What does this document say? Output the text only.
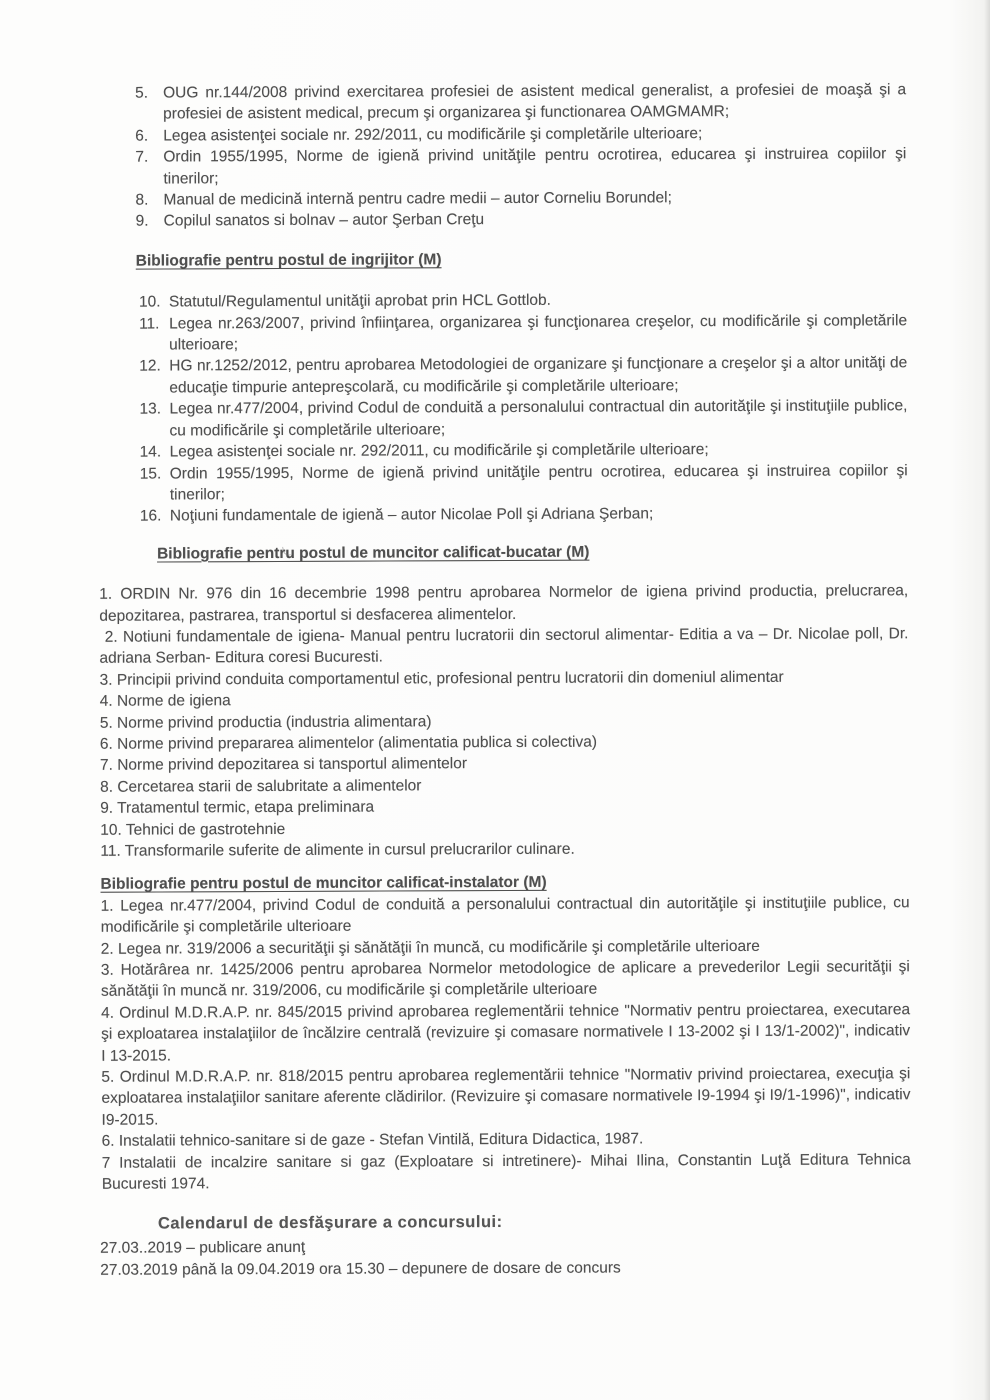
5. OUG nr.144/2008 privind exercitarea profesiei de asistent medical generalist, a profesiei de moaşă şi a profesiei de asistent medical, precum şi organizarea şi functionarea OAMGMAMR;
6. Legea asistenţei sociale nr. 292/2011, cu modificările şi completările ulterioare;
7. Ordin 1955/1995, Norme de igienă privind unităţile pentru ocrotirea, educarea şi instruirea copiilor şi tinerilor;
8. Manual de medicină internă pentru cadre medii – autor Corneliu Borundel;
9. Copilul sanatos si bolnav – autor Şerban Creţu
Bibliografie pentru postul de ingrijitor (M)
10. Statutul/Regulamentul unităţii aprobat prin HCL Gottlob.
11. Legea nr.263/2007, privind înfiinţarea, organizarea şi funcţionarea creşelor, cu modificările şi completările ulterioare;
12. HG nr.1252/2012, pentru aprobarea Metodologiei de organizare şi funcţionare a creşelor şi a altor unităţi de educaţie timpurie antepreşcolară, cu modificările şi completările ulterioare;
13. Legea nr.477/2004, privind Codul de conduită a personalului contractual din autorităţile şi instituţiile publice, cu modificările şi completările ulterioare;
14. Legea asistenţei sociale nr. 292/2011, cu modificările şi completările ulterioare;
15. Ordin 1955/1995, Norme de igienă privind unităţile pentru ocrotirea, educarea şi instruirea copiilor şi tinerilor;
16. Noţiuni fundamentale de igienă – autor Nicolae Poll şi Adriana Şerban;
Bibliografie pentru postul de muncitor calificat-bucatar (M)

1. ORDIN Nr. 976 din 16 decembrie 1998 pentru aprobarea Normelor de igiena privind productia, prelucrarea, depozitarea, pastrarea, transportul si desfacerea alimentelor.

2. Notiuni fundamentale de igiena- Manual pentru lucratorii din sectorul alimentar- Editia a va – Dr. Nicolae poll, Dr. adriana Serban- Editura coresi Bucuresti.

3. Principii privind conduita comportamentul etic, profesional pentru lucratorii din domeniul alimentar

4. Norme de igiena

5. Norme privind productia (industria alimentara)

6. Norme privind prepararea alimentelor (alimentatia publica si colectiva)

7. Norme privind depozitarea si tansportul alimentelor

8. Cercetarea starii de salubritate a alimentelor

9. Tratamentul termic, etapa preliminara

10. Tehnici de gastrotehnie

11. Transformarile suferite de alimente in cursul prelucrarilor culinare.

Bibliografie pentru postul de muncitor calificat-instalator (M)

1. Legea nr.477/2004, privind Codul de conduită a personalului contractual din autorităţile şi instituţiile publice, cu modificările şi completările ulterioare

2. Legea nr. 319/2006 a securităţii şi sănătăţii în muncă, cu modificările şi completările ulterioare

3. Hotărârea nr. 1425/2006 pentru aprobarea Normelor metodologice de aplicare a prevederilor Legii securităţii şi sănătăţii în muncă nr. 319/2006, cu modificările şi completările ulterioare

4. Ordinul M.D.R.A.P. nr. 845/2015 privind aprobarea reglementării tehnice "Normativ pentru proiectarea, executarea şi exploatarea instalaţiilor de încălzire centrală (revizuire şi comasare normativele I 13-2002 şi I 13/1-2002)", indicativ I 13-2015.

5. Ordinul M.D.R.A.P. nr. 818/2015 pentru aprobarea reglementării tehnice "Normativ privind proiectarea, execuţia şi exploatarea instalaţiilor sanitare aferente clădirilor. (Revizuire şi comasare normativele I9-1994 şi I9/1-1996)", indicativ I9-2015.

6. Instalatii tehnico-sanitare si de gaze - Stefan Vintilă, Editura Didactica, 1987.

7 Instalatii de incalzire sanitare si gaz (Exploatare si intretinere)- Mihai Ilina, Constantin Luţă Editura Tehnica Bucuresti 1974.

Calendarul de desfăşurare a concursului:

27.03..2019 – publicare anunţ

27.03.2019 până la 09.04.2019 ora 15.30 – depunere de dosare de concurs
